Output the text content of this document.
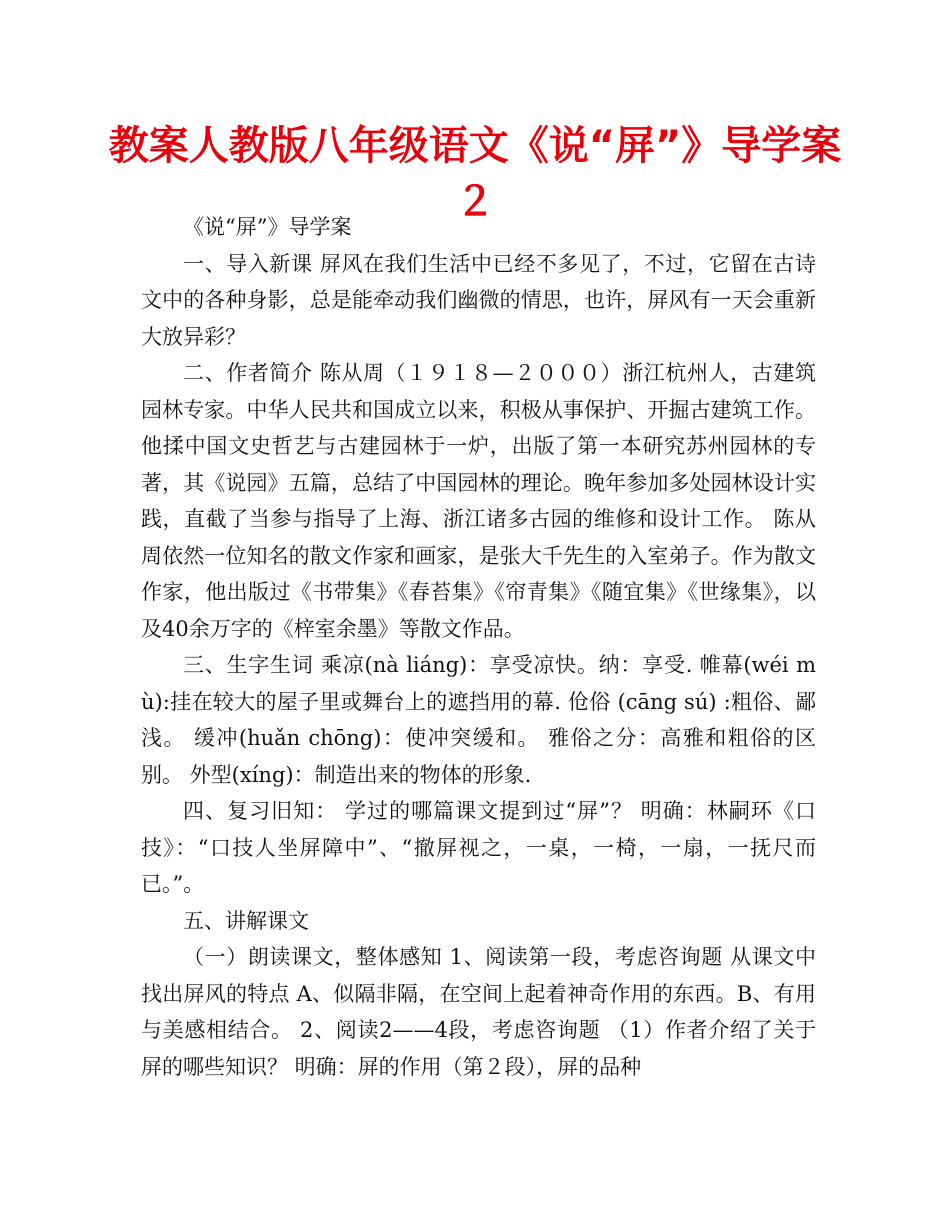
教案人教版八年级语文《说“屏”》导学案２

《说“屏”》导学案

一、导入新课 屏风在我们生活中已经不多见了，不过，它留在古诗文中的各种身影，总是能牵动我们幽微的情思，也许，屏风有一天会重新大放异彩？

二、作者简介 陈从周（１９１８—２０００）浙江杭州人，古建筑园林专家。中华人民共和国成立以来，积极从事保护、开掘古建筑工作。他揉中国文史哲艺与古建园林于一炉，出版了第一本研究苏州园林的专著，其《说园》五篇，总结了中国园林的理论。晚年参加多处园林设计实践，直截了当参与指导了上海、浙江诸多古园的维修和设计工作。 陈从周依然一位知名的散文作家和画家，是张大千先生的入室弟子。作为散文作家，他出版过《书带集》《春苔集》《帘青集》《随宜集》《世缘集》，以及40余万字的《梓室余墨》等散文作品。

三、生字生词 乘凉(nà liáng)：享受凉快。纳：享受. 帷幕(wéi mù):挂在较大的屋子里或舞台上的遮挡用的幕. 伧俗 (cāng sú) :粗俗、鄙浅。 缓冲(huǎn chōng)：使冲突缓和。 雅俗之分：高雅和粗俗的区别。 外型(xíng)：制造出来的物体的形象.

四、复习旧知： 学过的哪篇课文提到过“屏”？ 明确：林嗣环《口技》：“口技人坐屏障中”、“撤屏视之，一桌，一椅，一扇，一抚尺而已。”。

五、讲解课文

（一）朗读课文，整体感知 1、阅读第一段，考虑咨询题 从课文中找出屏风的特点 A、似隔非隔，在空间上起着神奇作用的东西。B、有用与美感相结合。 2、阅读2——4段，考虑咨询题 （1）作者介绍了关于屏的哪些知识？ 明确：屏的作用（第２段），屏的品种
